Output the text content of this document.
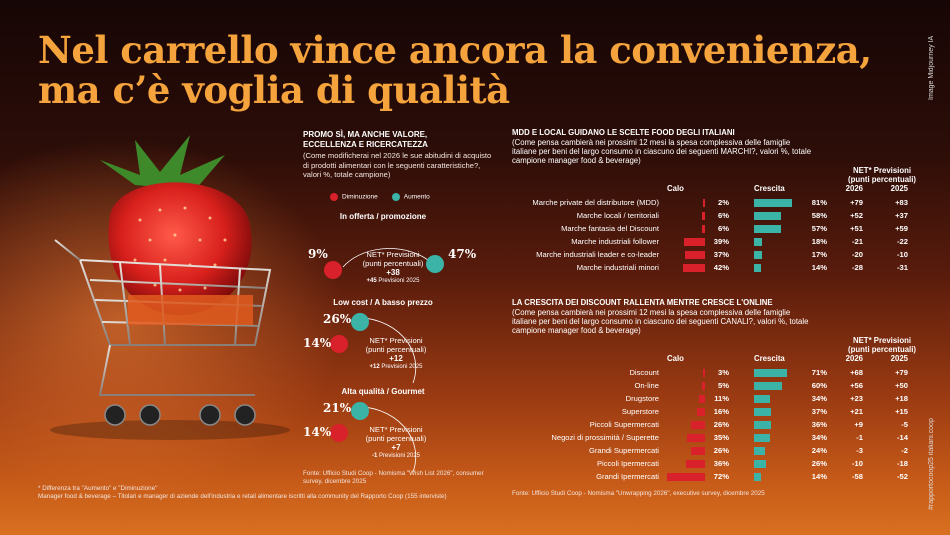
Nel carrello vince ancora la convenienza,
ma c’è voglia di qualità	Image Midjourney IA
#rapportocoop25 italiani.coop
PROMO SÌ, MA ANCHE VALORE,
ECCELLENZA E RICERCATEZZA
(Come modificherai nel 2026 le sue abitudini di acquisto di prodotti alimentari con le seguenti caratteristiche?, valori %, totale campione)
Diminuzione	Aumento
In offerta / promozione
9%	47%
NET* Previsioni
(punti percentuali)
+38
+45 Previsioni 2025
Low cost / A basso prezzo
14%
26%
NET* Previsioni
(punti percentuali)
+12
+12 Previsioni 2025
Alta qualità / Gourmet
14%
21%
NET* Previsioni
(punti percentuali)
+7
-1 Previsioni 2025
Fonte: Ufficio Studi Coop - Nomisma "Wish List 2026", consumer survey, dicembre 2025
* Differenza tra "Aumento" e "Diminuzione"
Manager food & beverage – Titolari e manager di aziende dell'industria e retail alimentare iscritti alla community del Rapporto Coop (155 interviste)
MDD E LOCAL GUIDANO LE SCELTE FOOD DEGLI ITALIANI
(Come pensa cambierà nei prossimi 12 mesi la spesa complessiva delle famiglie italiane per beni del largo consumo in ciascuno dei seguenti MARCHI?, valori %, totale campione manager food & beverage)
NET* Previsioni
(punti percentuali)
Calo	Crescita	2026	2025
Marche private del distributore (MDD)	2%	81%	+79	+83
Marche locali / territoriali	6%	58%	+52	+37
Marche fantasia del Discount	6%	57%	+51	+59
Marche industriali follower	39%	18%	-21	-22
Marche industriali leader e co-leader	37%	17%	-20	-10
Marche industriali minori	42%	14%	-28	-31
LA CRESCITA DEI DISCOUNT RALLENTA MENTRE CRESCE L'ONLINE
(Come pensa cambierà nei prossimi 12 mesi la spesa complessiva delle famiglie italiane per beni del largo consumo in ciascuno dei seguenti CANALI?, valori %, totale campione manager food & beverage)
NET* Previsioni
(punti percentuali)
Calo	Crescita	2026	2025
Discount	3%	71%	+68	+79
On-line	5%	60%	+56	+50
Drugstore	11%	34%	+23	+18
Superstore	16%	37%	+21	+15
Piccoli Supermercati	26%	36%	+9	-5
Negozi di prossimità / Superette	35%	34%	-1	-14
Grandi Supermercati	26%	24%	-3	-2
Piccoli Ipermercati	36%	26%	-10	-18
Grandi Ipermercati	72%	14%	-58	-52
Fonte: Ufficio Studi Coop - Nomisma "Unwrapping 2026", executive survey, dicembre 2025
